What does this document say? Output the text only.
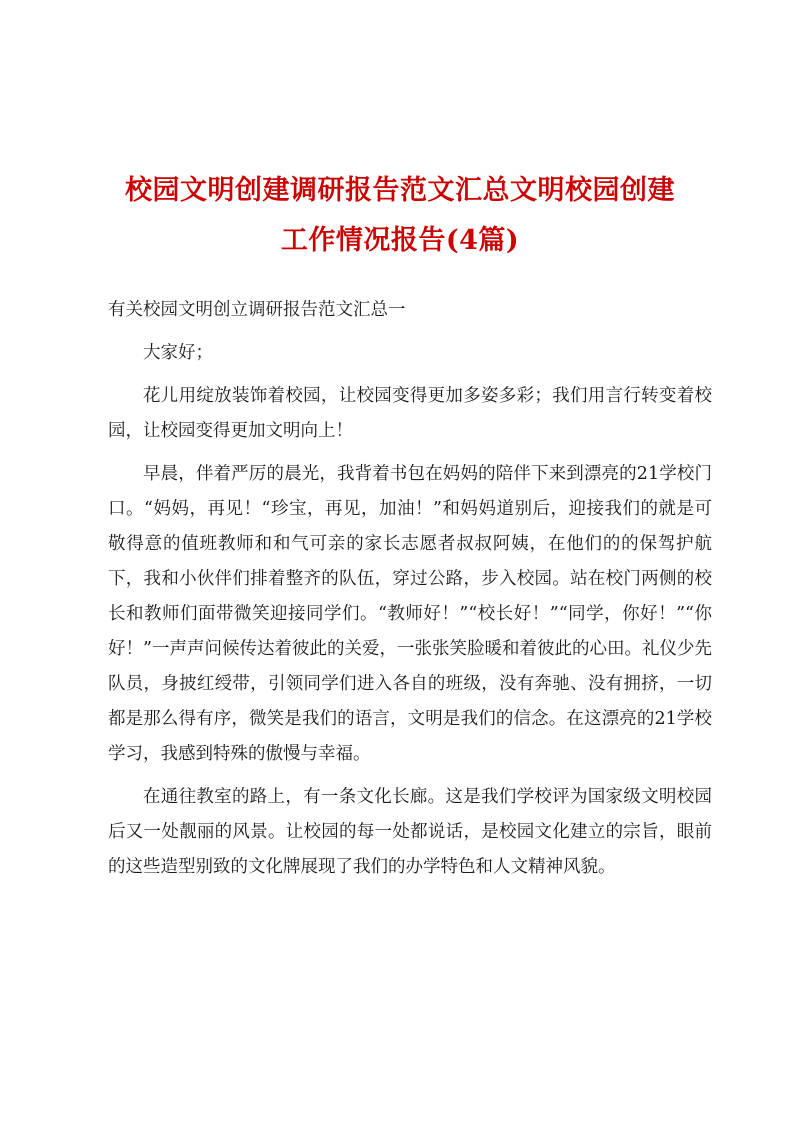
校园文明创建调研报告范文汇总文明校园创建
工作情况报告(4篇)

有关校园文明创立调研报告范文汇总一

大家好；

花儿用绽放装饰着校园，让校园变得更加多姿多彩；我们用言行转变着校园，让校园变得更加文明向上！

早晨，伴着严厉的晨光，我背着书包在妈妈的陪伴下来到漂亮的21学校门口。“妈妈，再见！“珍宝，再见，加油！”和妈妈道别后，迎接我们的就是可敬得意的值班教师和和气可亲的家长志愿者叔叔阿姨，在他们的的保驾护航下，我和小伙伴们排着整齐的队伍，穿过公路，步入校园。站在校门两侧的校长和教师们面带微笑迎接同学们。“教师好！”“校长好！”“同学，你好！”“你好！”一声声问候传达着彼此的关爱，一张张笑脸暖和着彼此的心田。礼仪少先队员，身披红绶带，引领同学们进入各自的班级，没有奔驰、没有拥挤，一切都是那么得有序，微笑是我们的语言，文明是我们的信念。在这漂亮的21学校学习，我感到特殊的傲慢与幸福。

在通往教室的路上，有一条文化长廊。这是我们学校评为国家级文明校园后又一处靓丽的风景。让校园的每一处都说话，是校园文化建立的宗旨，眼前的这些造型别致的文化牌展现了我们的办学特色和人文精神风貌。
